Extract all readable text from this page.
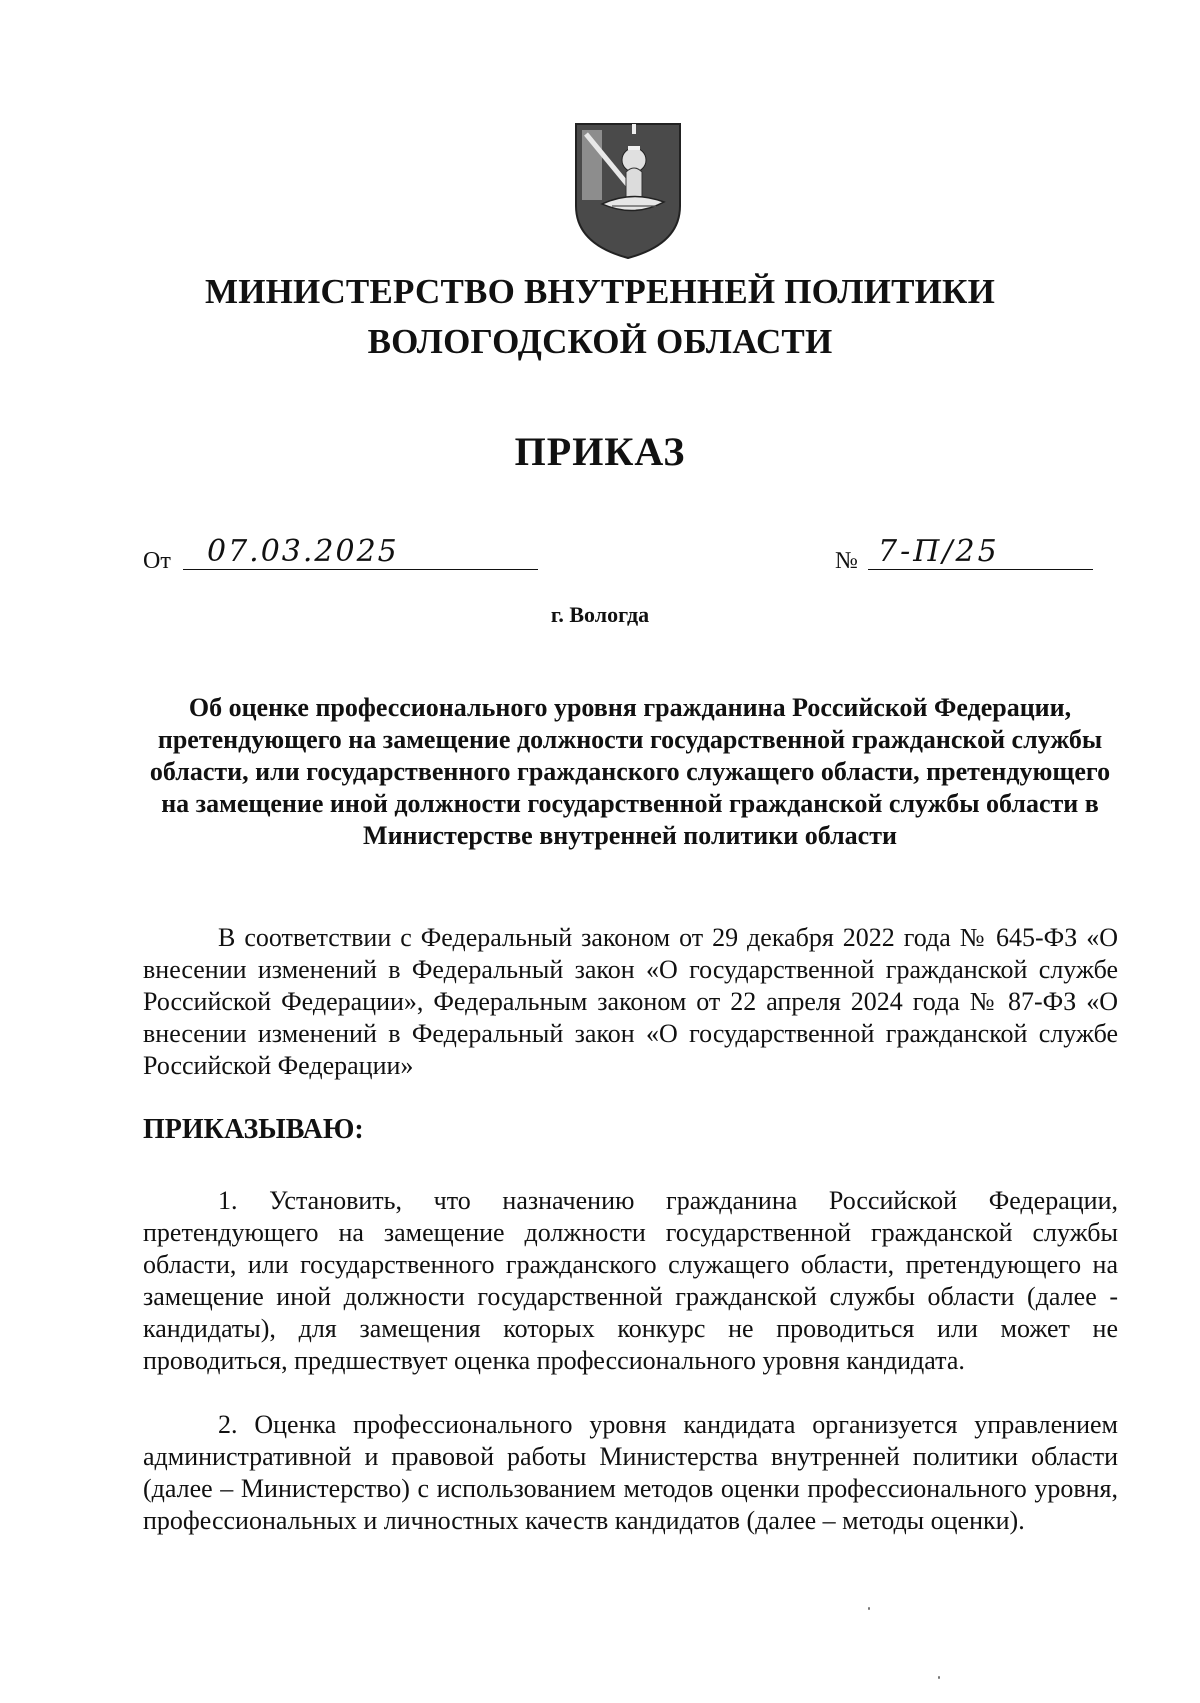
МИНИСТЕРСТВО ВНУТРЕННЕЙ ПОЛИТИКИ
ВОЛОГОДСКОЙ ОБЛАСТИ
ПРИКАЗ
От	07.03.2025	№ 7-П/25
г. Вологда
Об оценке профессионального уровня гражданина Российской Федерации, претендующего на замещение должности государственной гражданской службы области, или государственного гражданского служащего области, претендующего на замещение иной должности государственной гражданской службы области в Министерстве внутренней политики области
В соответствии с Федеральный законом от 29 декабря 2022 года № 645-ФЗ «О внесении изменений в Федеральный закон «О государственной гражданской службе Российской Федерации», Федеральным законом от 22 апреля 2024 года № 87-ФЗ «О внесении изменений в Федеральный закон «О государственной гражданской службе Российской Федерации»
ПРИКАЗЫВАЮ:
1. Установить, что назначению гражданина Российской Федерации, претендующего на замещение должности государственной гражданской службы области, или государственного гражданского служащего области, претендующего на замещение иной должности государственной гражданской службы области (далее - кандидаты), для замещения которых конкурс не проводиться или может не проводиться, предшествует оценка профессионального уровня кандидата.
2. Оценка профессионального уровня кандидата организуется управлением административной и правовой работы Министерства внутренней политики области (далее – Министерство) с использованием методов оценки профессионального уровня, профессиональных и личностных качеств кандидатов (далее – методы оценки).
